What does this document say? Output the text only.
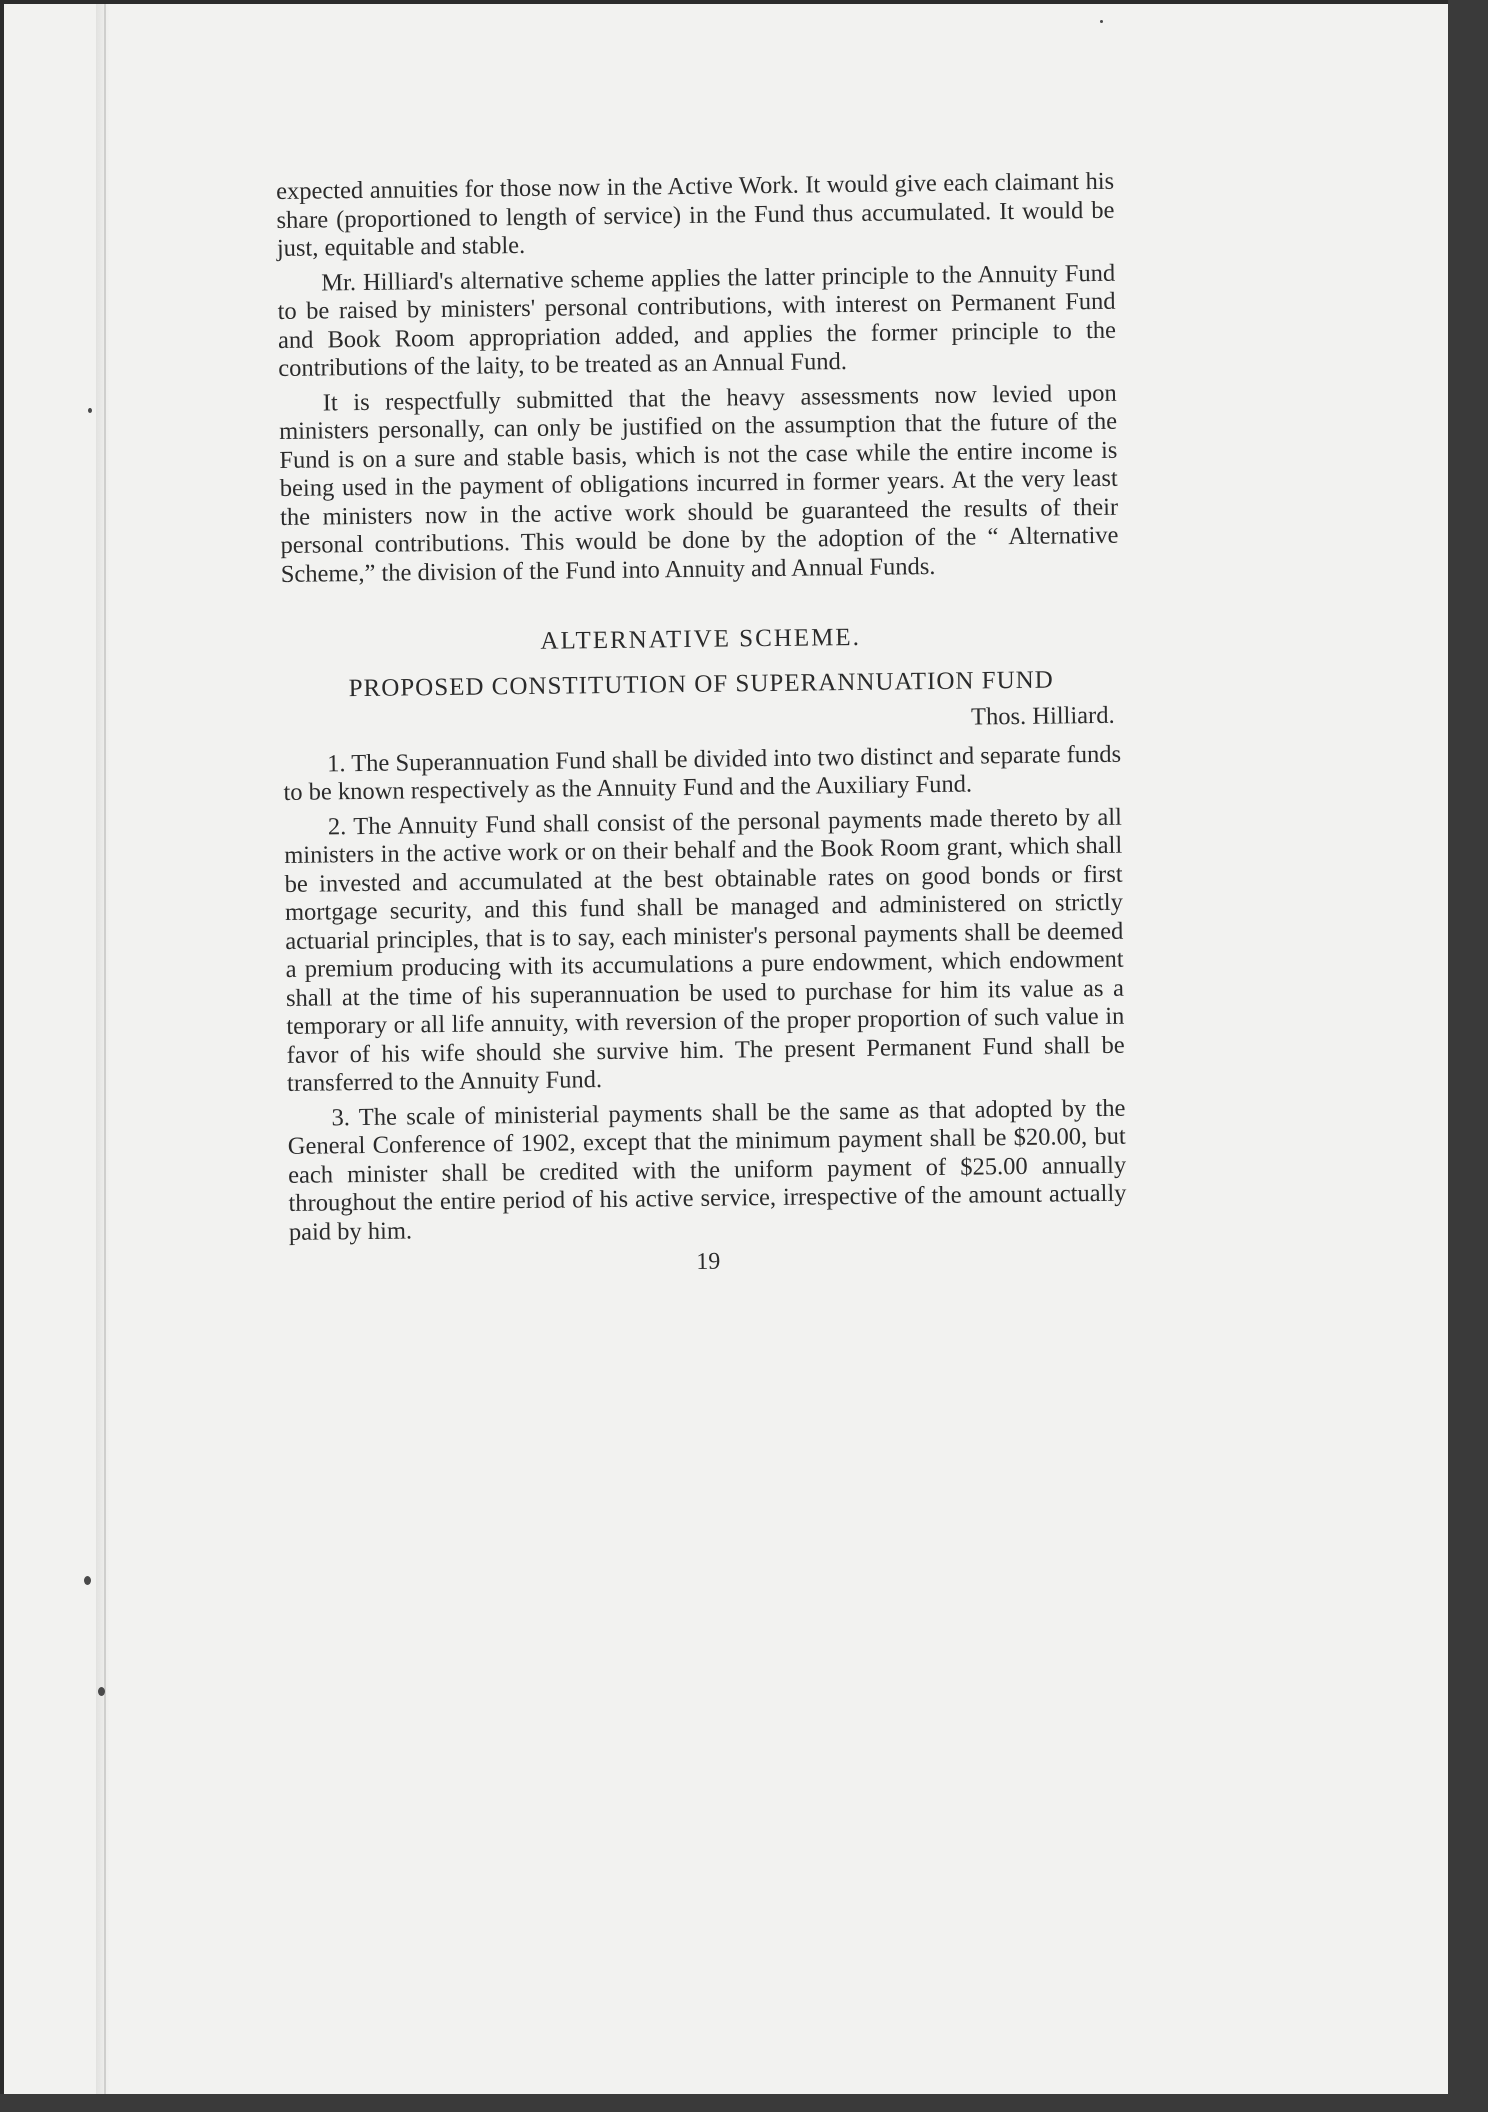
expected annuities for those now in the Active Work. It would give each claimant his share (proportioned to length of service) in the Fund thus accumulated. It would be just, equitable and stable.

Mr. Hilliard's alternative scheme applies the latter principle to the Annuity Fund to be raised by ministers' personal contributions, with interest on Permanent Fund and Book Room appropriation added, and applies the former principle to the contributions of the laity, to be treated as an Annual Fund.

It is respectfully submitted that the heavy assessments now levied upon ministers personally, can only be justified on the assumption that the future of the Fund is on a sure and stable basis, which is not the case while the entire income is being used in the payment of obligations incurred in former years. At the very least the ministers now in the active work should be guaranteed the results of their personal contributions. This would be done by the adoption of the “ Alternative Scheme,” the division of the Fund into Annuity and Annual Funds.

ALTERNATIVE SCHEME.
PROPOSED CONSTITUTION OF SUPERANNUATION FUND
Thos. Hilliard.

1. The Superannuation Fund shall be divided into two distinct and separate funds to be known respectively as the Annuity Fund and the Auxiliary Fund.

2. The Annuity Fund shall consist of the personal payments made thereto by all ministers in the active work or on their behalf and the Book Room grant, which shall be invested and accumulated at the best obtainable rates on good bonds or first mortgage security, and this fund shall be managed and administered on strictly actuarial principles, that is to say, each minister's personal payments shall be deemed a premium producing with its accumulations a pure endowment, which endowment shall at the time of his superannuation be used to purchase for him its value as a temporary or all life annuity, with reversion of the proper proportion of such value in favor of his wife should she survive him. The present Permanent Fund shall be transferred to the Annuity Fund.

3. The scale of ministerial payments shall be the same as that adopted by the General Conference of 1902, except that the minimum payment shall be $20.00, but each minister shall be credited with the uniform payment of $25.00 annually throughout the entire period of his active service, irrespective of the amount actually paid by him.

19
